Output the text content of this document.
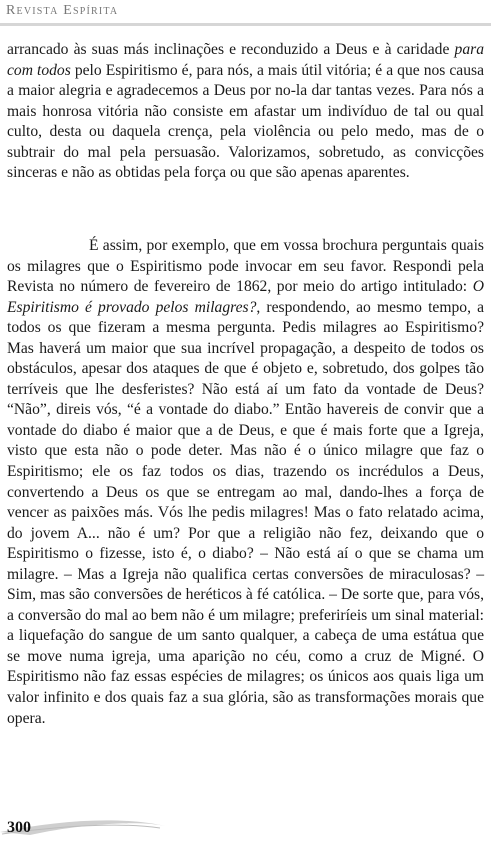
Revista Espírita

arrancado às suas más inclinações e reconduzido a Deus e à caridade para com todos pelo Espiritismo é, para nós, a mais útil vitória; é a que nos causa a maior alegria e agradecemos a Deus por no-la dar tantas vezes. Para nós a mais honrosa vitória não consiste em afastar um indivíduo de tal ou qual culto, desta ou daquela crença, pela violência ou pelo medo, mas de o subtrair do mal pela persuasão. Valorizamos, sobretudo, as convicções sinceras e não as obtidas pela força ou que são apenas aparentes.

É assim, por exemplo, que em vossa brochura perguntais quais os milagres que o Espiritismo pode invocar em seu favor. Respondi pela Revista no número de fevereiro de 1862, por meio do artigo intitulado: O Espiritismo é provado pelos milagres?, respondendo, ao mesmo tempo, a todos os que fizeram a mesma pergunta. Pedis milagres ao Espiritismo? Mas haverá um maior que sua incrível propagação, a despeito de todos os obstáculos, apesar dos ataques de que é objeto e, sobretudo, dos golpes tão terríveis que lhe desferistes? Não está aí um fato da vontade de Deus? “Não”, direis vós, “é a vontade do diabo.” Então havereis de convir que a vontade do diabo é maior que a de Deus, e que é mais forte que a Igreja, visto que esta não o pode deter. Mas não é o único milagre que faz o Espiritismo; ele os faz todos os dias, trazendo os incrédulos a Deus, convertendo a Deus os que se entregam ao mal, dando-lhes a força de vencer as paixões más. Vós lhe pedis milagres! Mas o fato relatado acima, do jovem A... não é um? Por que a religião não fez, deixando que o Espiritismo o fizesse, isto é, o diabo? – Não está aí o que se chama um milagre. – Mas a Igreja não qualifica certas conversões de miraculosas? – Sim, mas são conversões de heréticos à fé católica. – De sorte que, para vós, a conversão do mal ao bem não é um milagre; preferiríeis um sinal material: a liquefação do sangue de um santo qualquer, a cabeça de uma estátua que se move numa igreja, uma aparição no céu, como a cruz de Migné. O Espiritismo não faz essas espécies de milagres; os únicos aos quais liga um valor infinito e dos quais faz a sua glória, são as transformações morais que opera.

300
